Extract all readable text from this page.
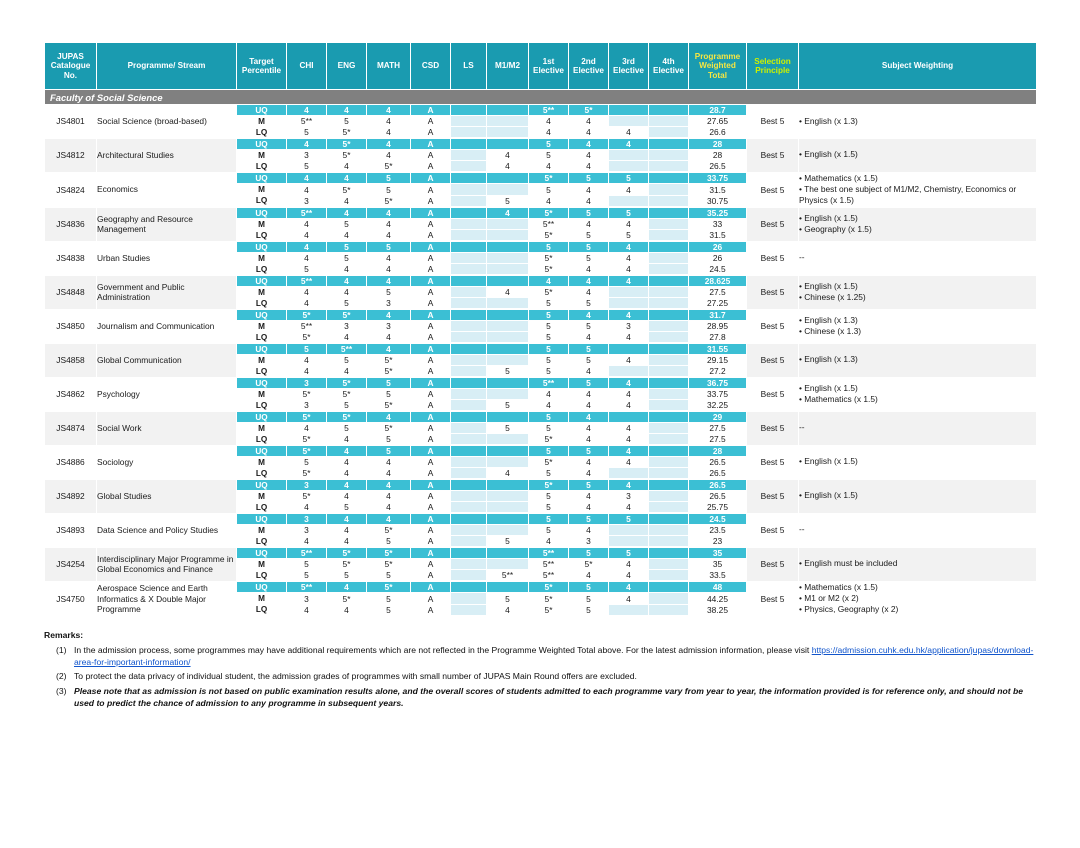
JUPAS Catalogue No.	Programme/ Stream	Target Percentile	CHI	ENG	MATH	CSD	LS	M1/M2	1st Elective	2nd Elective	3rd Elective	4th Elective	Programme Weighted Total	Selection Principle	Subject Weighting
Faculty of Social Science															
JS4801	Social Science (broad-based)	UQ	4	4	4	A			5**	5*			28.7	Best 5	• English (x 1.3)

		M	5**	5	4	A			4	4			27.65		
		LQ	5	5*	4	A			4	4	4		26.6		
JS4812	Architectural Studies	UQ	4	5*	4	A			5	4	4		28	Best 5	• English (x 1.5)

		M	3	5*	4	A		4	5	4			28		
		LQ	5	4	5*	A		4	4	4			26.5		
JS4824	Economics	UQ	4	4	5	A			5*	5	5		33.75	Best 5	• Mathematics (x 1.5)
• The best one subject of M1/M2, Chemistry, Economics or Physics (x 1.5)

		M	4	5*	5	A			5	4	4		31.5		
		LQ	3	4	5*	A		5	4	4			30.75		
JS4836	Geography and Resource Management	UQ	5**	4	4	A		4	5*	5	5		35.25	Best 5	• English (x 1.5)
• Geography (x 1.5)

		M	4	5	4	A			5**	4	4		33		
		LQ	4	4	4	A			5*	5	5		31.5		
JS4838	Urban Studies	UQ	4	5	5	A			5	5	4		26	Best 5	--

		M	4	5	4	A			5*	5	4		26		
		LQ	5	4	4	A			5*	4	4		24.5		
JS4848	Government and Public Administration	UQ	5**	4	4	A			4	4	4		28.625	Best 5	• English (x 1.5)
• Chinese (x 1.25)

		M	4	4	5	A		4	5*	4			27.5		
		LQ	4	5	3	A			5	5			27.25		
JS4850	Journalism and Communication	UQ	5*	5*	4	A			5	4	4		31.7	Best 5	• English (x 1.3)
• Chinese (x 1.3)

		M	5**	3	3	A			5	5	3		28.95		
		LQ	5*	4	4	A			5	4	4		27.8		
JS4858	Global Communication	UQ	5	5**	4	A			5	5			31.55	Best 5	• English (x 1.3)

		M	4	5	5*	A			5	5	4		29.15		
		LQ	4	4	5*	A		5	5	4			27.2		
JS4862	Psychology	UQ	3	5*	5	A			5**	5	4		36.75	Best 5	• English (x 1.5)
• Mathematics (x 1.5)

		M	5*	5*	5	A			4	4	4		33.75		
		LQ	3	5	5*	A		5	4	4	4		32.25		
JS4874	Social Work	UQ	5*	5*	4	A			5	4			29	Best 5	--

		M	4	5	5*	A		5	5	4	4		27.5		
		LQ	5*	4	5	A			5*	4	4		27.5		
JS4886	Sociology	UQ	5*	4	5	A			5	5	4		28	Best 5	• English (x 1.5)

		M	5	4	4	A			5*	4	4		26.5		
		LQ	5*	4	4	A		4	5	4			26.5		
JS4892	Global Studies	UQ	3	4	4	A			5*	5	4		26.5	Best 5	• English (x 1.5)

		M	5*	4	4	A			5	4	3		26.5		
		LQ	4	5	4	A			5	4	4		25.75		
JS4893	Data Science and Policy Studies	UQ	3	4	4	A			5	5	5		24.5	Best 5	--

		M	3	4	5*	A			5	4			23.5		
		LQ	4	4	5	A		5	4	3			23		
JS4254	Interdisciplinary Major Programme in Global Economics and Finance	UQ	5**	5*	5*	A			5**	5	5		35	Best 5	• English must be included

		M	5	5*	5*	A			5**	5*	4		35		
		LQ	5	5	5	A		5**	5**	4	4		33.5		
JS4750	Aerospace Science and Earth Informatics & X Double Major Programme	UQ	5**	4	5*	A			5*	5	4		48	Best 5	• Mathematics (x 1.5)
• M1 or M2 (x 2)
• Physics, Geography (x 2)

		M	3	5*	5	A		5	5*	5	4		44.25		
		LQ	4	4	5	A		4	5*	5			38.25		
Remarks:
(1) In the admission process, some programmes may have additional requirements which are not reflected in the Programme Weighted Total above. For the latest admission information, please visit https://admission.cuhk.edu.hk/application/jupas/download-area-for-important-information/
(2) To protect the data privacy of individual student, the admission grades of programmes with small number of JUPAS Main Round offers are excluded.
(3) Please note that as admission is not based on public examination results alone, and the overall scores of students admitted to each programme vary from year to year, the information provided is for reference only, and should not be used to predict the chance of admission to any programme in subsequent years.
